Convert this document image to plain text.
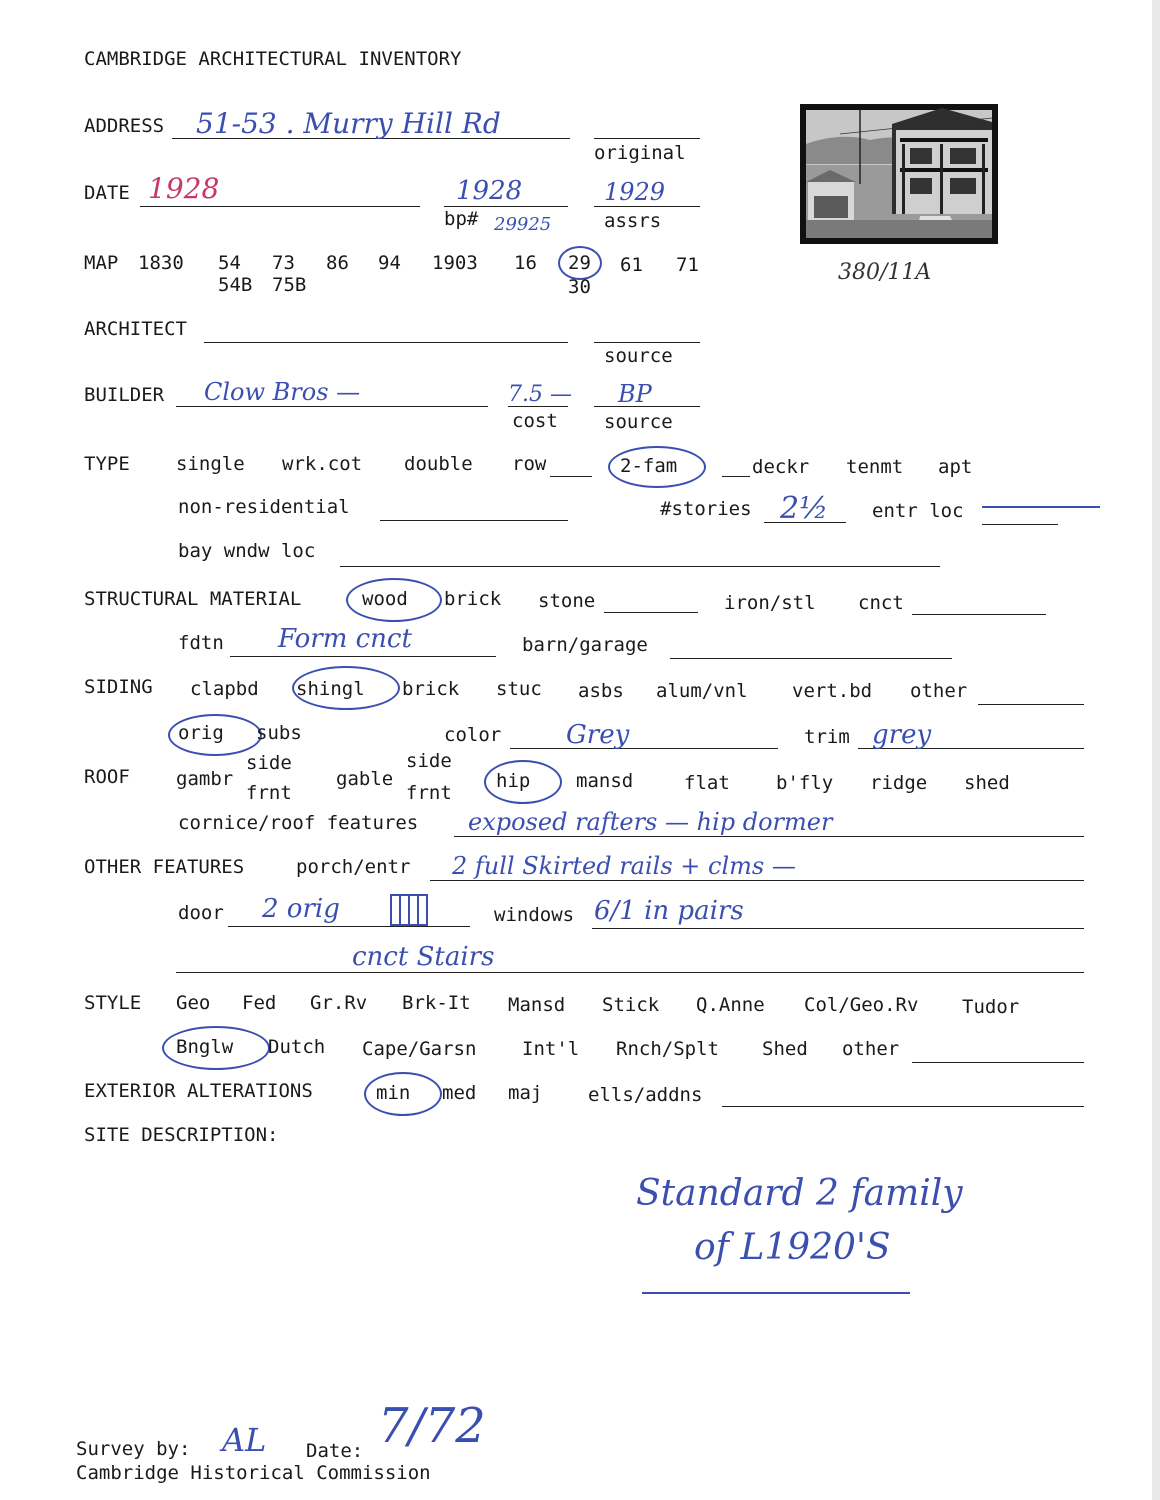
CAMBRIDGE ARCHITECTURAL INVENTORY
ADDRESS 51-53 . Murry Hill Rd
original
380/11A
DATE 1928	1928
bp# 29925
1929
assrs
MAP 1830 54 73 86 94 1903 16 29 61 71
54B 75B	30
ARCHITECT
source
BUILDER Clow Bros —	7.5 —
cost
BP
source
TYPE single wrk.cot double row	2-fam	deckr tenmt apt
non-residential	#stories 2½ entr loc
bay wndw loc
STRUCTURAL MATERIAL	wood brick stone	iron/stl cnct
fdtn Form cnct	barn/garage
SIDING clapbd shingl brick stuc asbs alum/vnl vert.bd other
orig subs	color Grey	trim grey
ROOF gambr
side
frnt
gable
side
frnt
hip mansd	flat b'fly ridge shed
cornice/roof features exposed rafters — hip dormer
OTHER FEATURES	porch/entr 2 full Skirted rails + clms —
door 2 orig	windows 6/1 in pairs
cnct Stairs
STYLE Geo Fed Gr.Rv Brk-It Mansd Stick Q.Anne Col/Geo.Rv Tudor
Bnglw Dutch Cape/Garsn Int'l Rnch/Splt Shed other
EXTERIOR ALTERATIONS	min med maj ells/addns
SITE DESCRIPTION:
Standard 2 family
of L1920'S
Survey by: AL Date: 7/72
Cambridge Historical Commission
